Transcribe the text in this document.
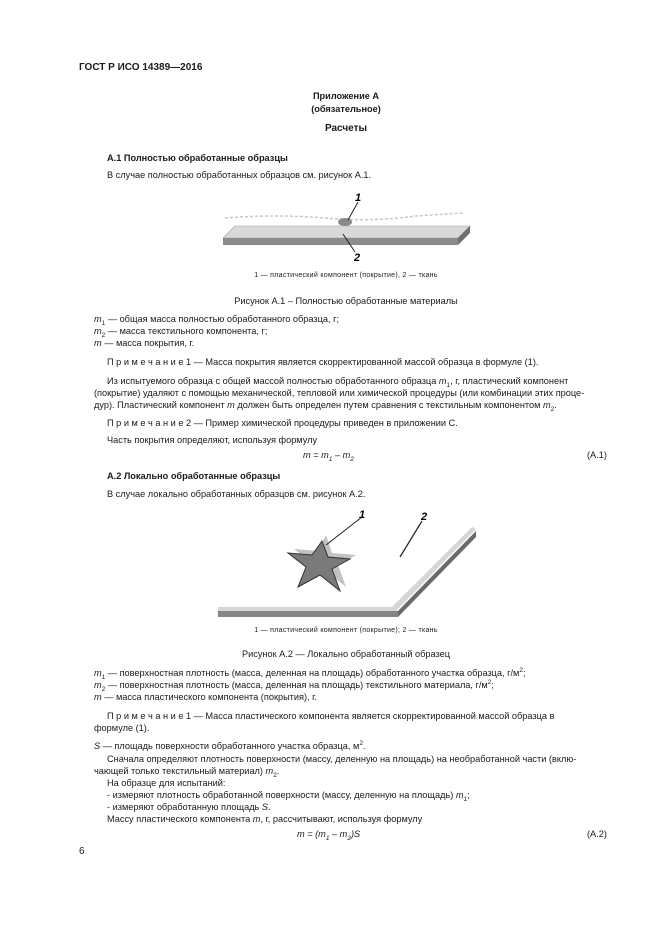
ГОСТ Р ИСО 14389—2016
Приложение А
(обязательное)
Расчеты
А.1 Полностью обработанные образцы
В случае полностью обработанных образцов см. рисунок А.1.
1
2
1 — пластический компонент (покрытие), 2 — ткань
Рисунок А.1 – Полностью обработанные материалы
$m_1$ — общая масса полностью обработанного образца, г;
$m_2$ — масса текстильного компонента, г;
m — масса покрытия, г.
П р и м е ч а н и е 1 — Масса покрытия является скорректированной массой образца в формуле (1).
Из испытуемого образца с общей массой полностью обработанного образца $m_1$, г, пластический компонент
(покрытие) удаляют с помощью механической, тепловой или химической процедуры (или комбинации этих проце-
дур). Пластический компонент m должен быть определен путем сравнения с текстильным компонентом $m_2$.
П р и м е ч а н и е 2 — Пример химической процедуры приведен в приложении С.
Часть покрытия определяют, используя формулу
$m = m_1 - m_2$	(А.1)
А.2 Локально обработанные образцы
В случае локально обработанных образцов см. рисунок А.2.
1	2
1 — пластический компонент (покрытие); 2 — ткань
Рисунок А.2 — Локально обработанный образец
$m_1$ — поверхностная плотность (масса, деленная на площадь) обработанного участка образца, $г/м^2$;
$m_2$ — поверхностная плотность (масса, деленная на площадь) текстильного материала, $г/м^2$;
m — масса пластического компонента (покрытия), г.
П р и м е ч а н и е 1 — Масса пластического компонента является скорректированной массой образца в
формуле (1).
S — площадь поверхности обработанного участка образца, $м^2$.
Сначала определяют плотность поверхности (массу, деленную на площадь) на необработанной части (вклю-
чающей только текстильный материал) $m_2$.
На образце для испытаний:
- измеряют плотность обработанной поверхности (массу, деленную на площадь) $m_1$;
- измеряют обработанную площадь S.
Массу пластического компонента m, г, рассчитывают, используя формулу
$m = (m_1 - m_2)S$	(А.2)
6
